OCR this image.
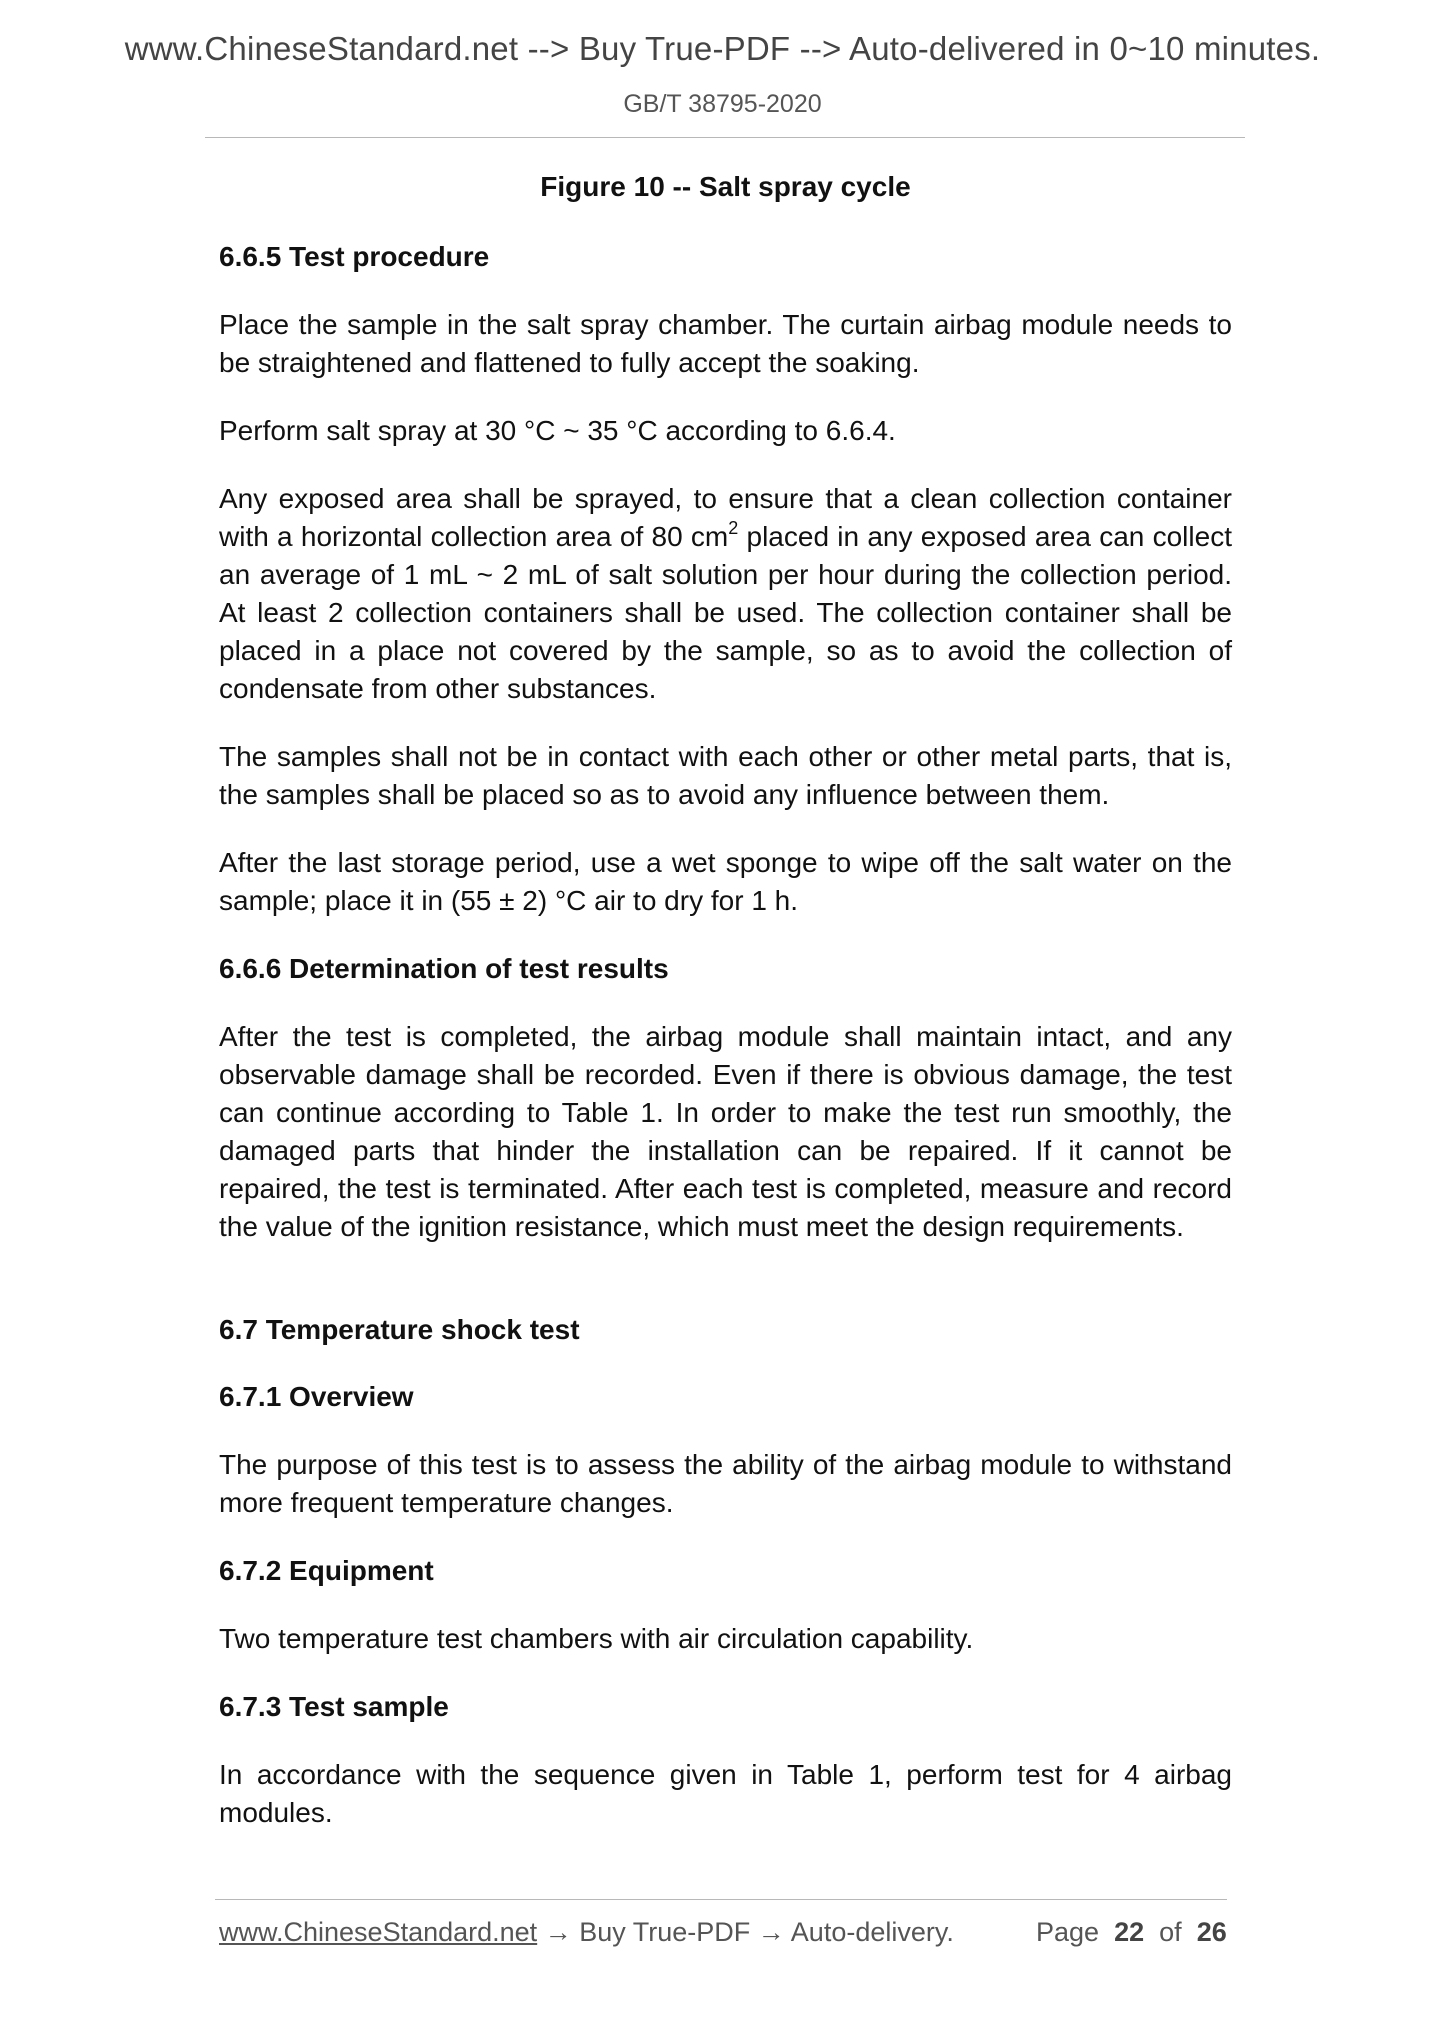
www.ChineseStandard.net --> Buy True-PDF --> Auto-delivered in 0~10 minutes.
GB/T 38795-2020
Figure 10 -- Salt spray cycle
6.6.5 Test procedure

Place the sample in the salt spray chamber. The curtain airbag module needs to be straightened and flattened to fully accept the soaking.

Perform salt spray at 30 °C ~ 35 °C according to 6.6.4.

Any exposed area shall be sprayed, to ensure that a clean collection container with a horizontal collection area of 80 $cm^2$ placed in any exposed area can collect an average of 1 mL ~ 2 mL of salt solution per hour during the collection period. At least 2 collection containers shall be used. The collection container shall be placed in a place not covered by the sample, so as to avoid the collection of condensate from other substances.

The samples shall not be in contact with each other or other metal parts, that is, the samples shall be placed so as to avoid any influence between them.

After the last storage period, use a wet sponge to wipe off the salt water on the sample; place it in (55 ± 2) °C air to dry for 1 h.

6.6.6 Determination of test results

After the test is completed, the airbag module shall maintain intact, and any observable damage shall be recorded. Even if there is obvious damage, the test can continue according to Table 1. In order to make the test run smoothly, the damaged parts that hinder the installation can be repaired. If it cannot be repaired, the test is terminated. After each test is completed, measure and record the value of the ignition resistance, which must meet the design requirements.

6.7 Temperature shock test
6.7.1 Overview

The purpose of this test is to assess the ability of the airbag module to withstand more frequent temperature changes.

6.7.2 Equipment

Two temperature test chambers with air circulation capability.

6.7.3 Test sample

In accordance with the sequence given in Table 1, perform test for 4 airbag modules.

www.ChineseStandard.net → Buy True-PDF → Auto-delivery.	Page 22 of 26
